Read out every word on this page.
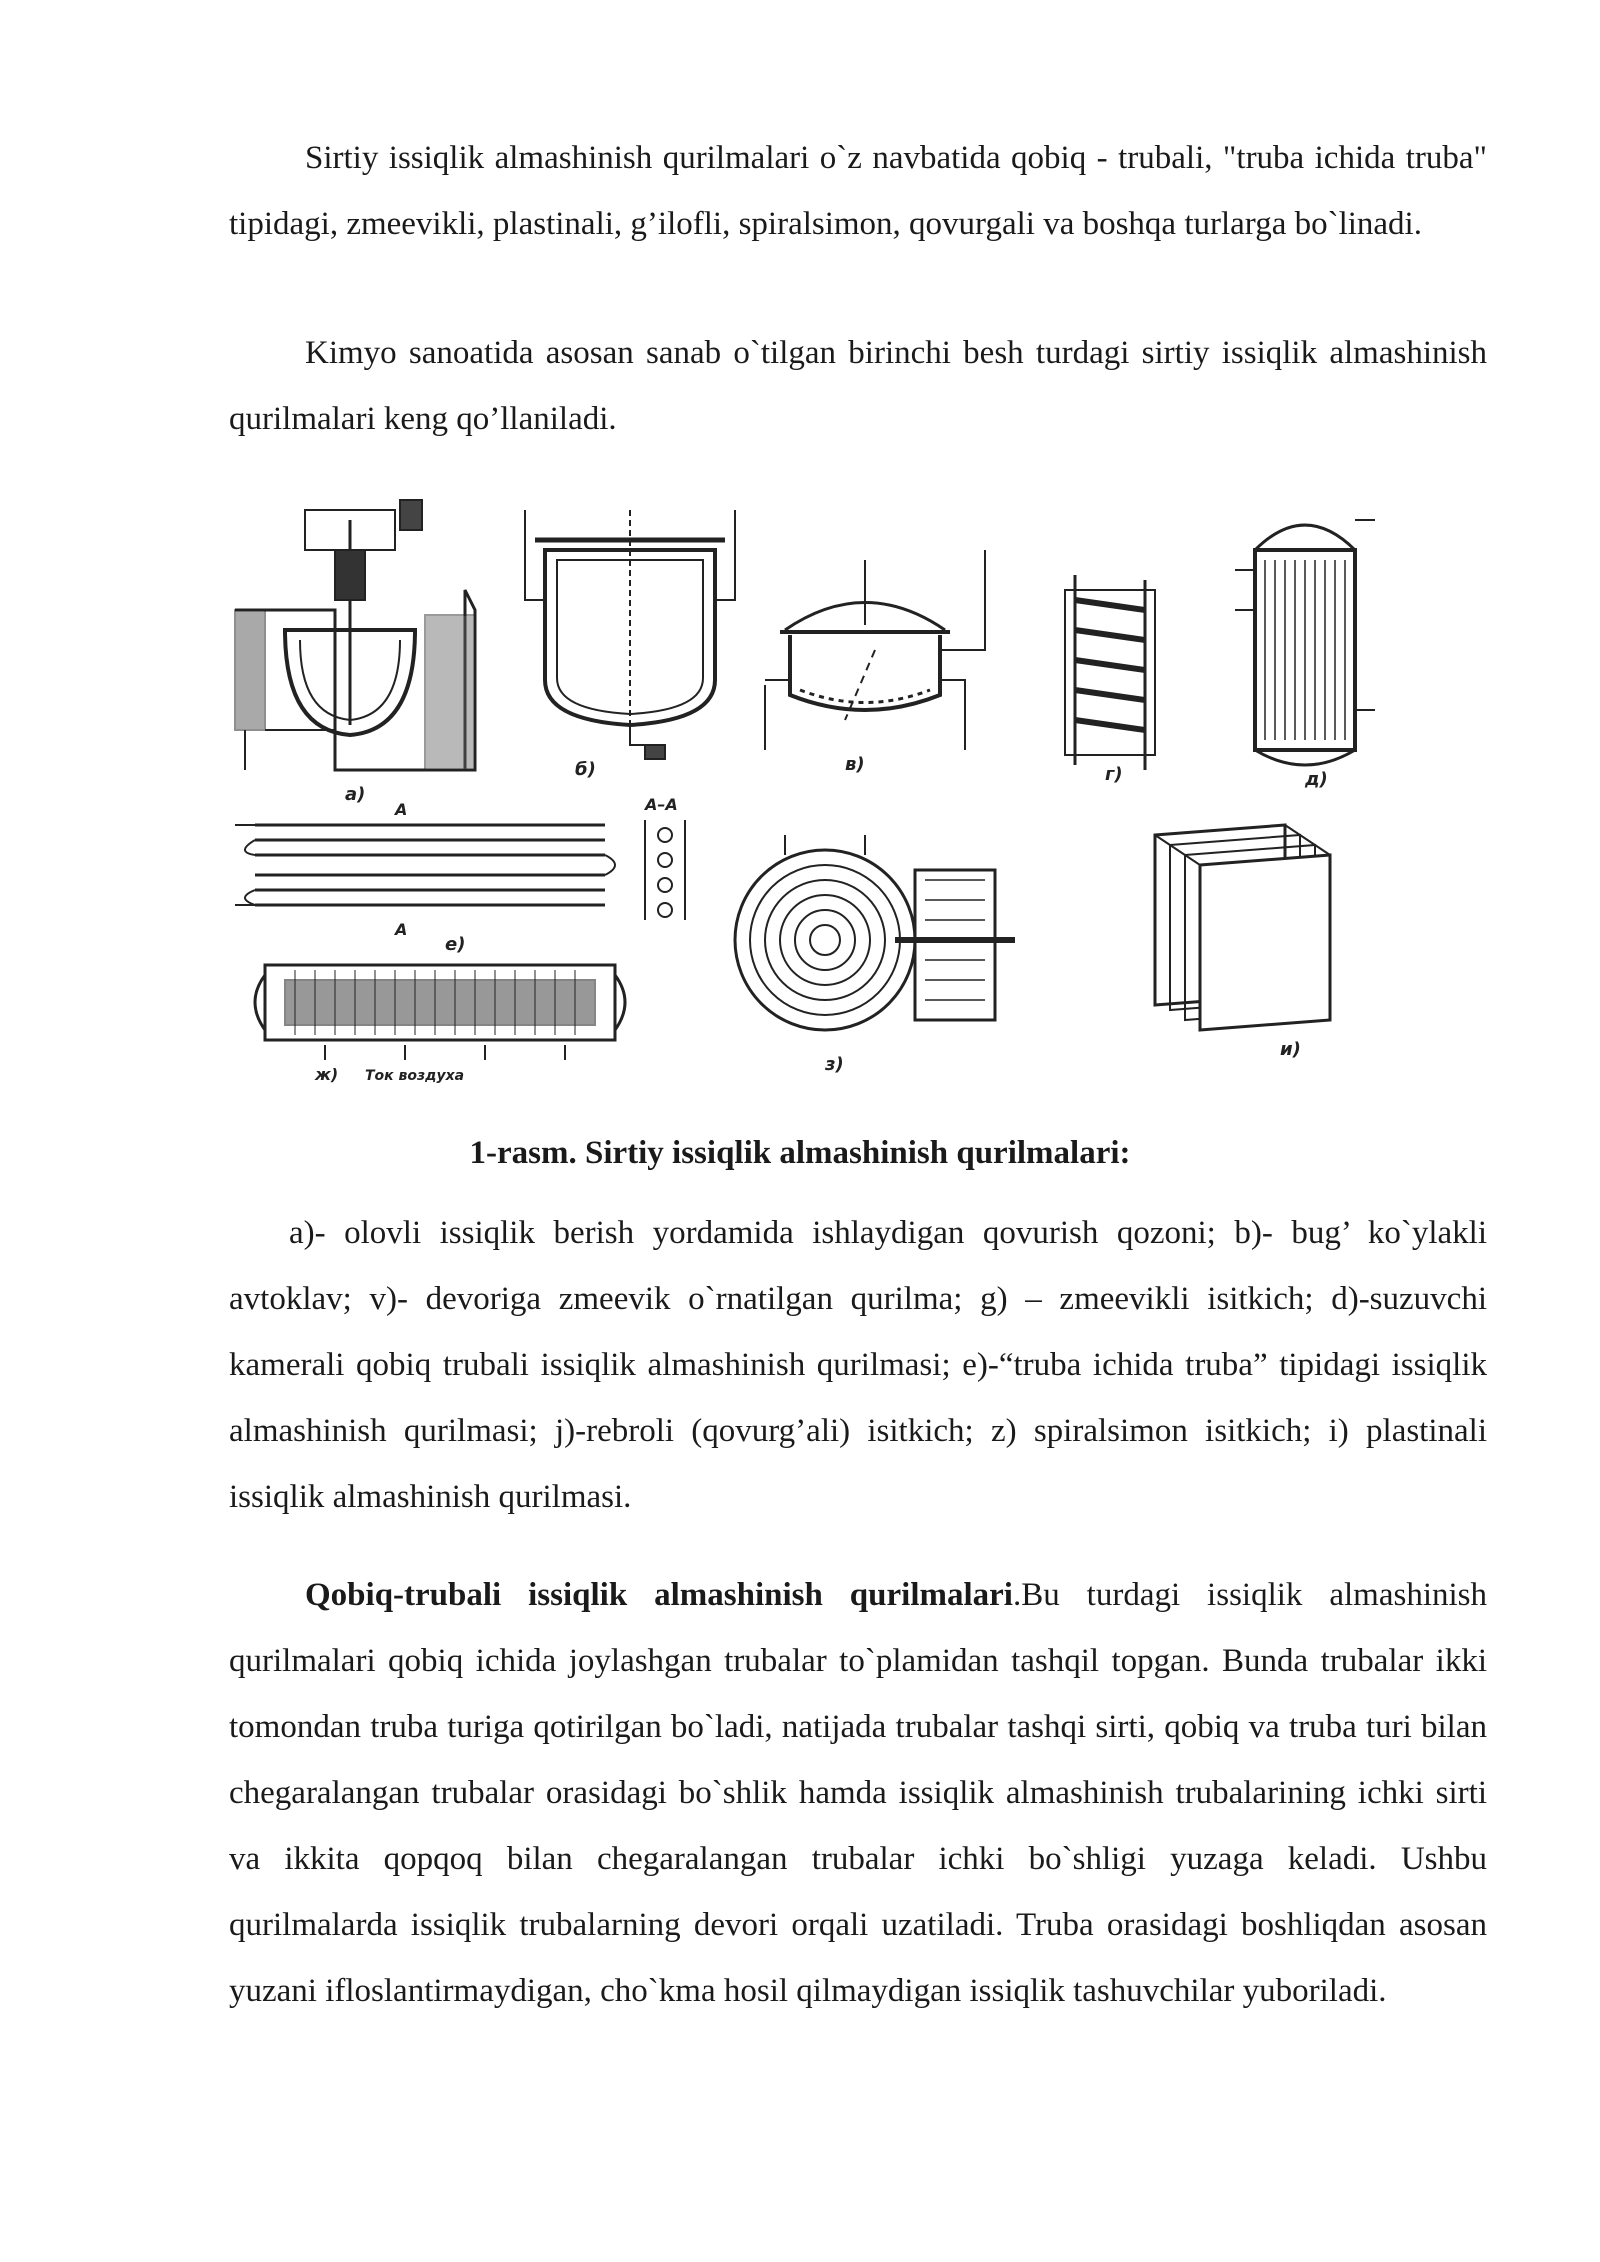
Sirtiy issiqlik almashinish qurilmalari o`z navbatida qobiq - trubali, "truba ichida truba" tipidagi, zmeevikli, plastinali, g’ilofli, spiralsimon, qovurgali va boshqa turlarga bo`linadi.

Kimyo sanoatida asosan sanab o`tilgan birinchi besh turdagi sirtiy issiqlik almashinish qurilmalari keng qo’llaniladi.

а)
б)	в)	г)	д)
А
А
А–А
е)
ж) Ток воздуха
з)
и)
1-rasm. Sirtiy issiqlik almashinish qurilmalari:

a)- olovli issiqlik berish yordamida ishlaydigan qovurish qozoni; b)- bug’ ko`ylakli avtoklav; v)- devoriga zmeevik o`rnatilgan qurilma; g) – zmeevikli isitkich; d)-suzuvchi kamerali qobiq trubali issiqlik almashinish qurilmasi; e)-“truba ichida truba” tipidagi issiqlik almashinish qurilmasi; j)-rebroli (qovurg’ali) isitkich; z) spiralsimon isitkich; i) plastinali issiqlik almashinish qurilmasi.

Qobiq-trubali issiqlik almashinish qurilmalari.Bu turdagi issiqlik almashinish qurilmalari qobiq ichida joylashgan trubalar to`plamidan tashqil topgan. Bunda trubalar ikki tomondan truba turiga qotirilgan bo`ladi, natijada trubalar tashqi sirti, qobiq va truba turi bilan chegaralangan trubalar orasidagi bo`shlik hamda issiqlik almashinish trubalarining ichki sirti va ikkita qopqoq bilan chegaralangan trubalar ichki bo`shligi yuzaga keladi. Ushbu qurilmalarda issiqlik trubalarning devori orqali uzatiladi. Truba orasidagi boshliqdan asosan yuzani ifloslantirmaydigan, cho`kma hosil qilmaydigan issiqlik tashuvchilar yuboriladi.
